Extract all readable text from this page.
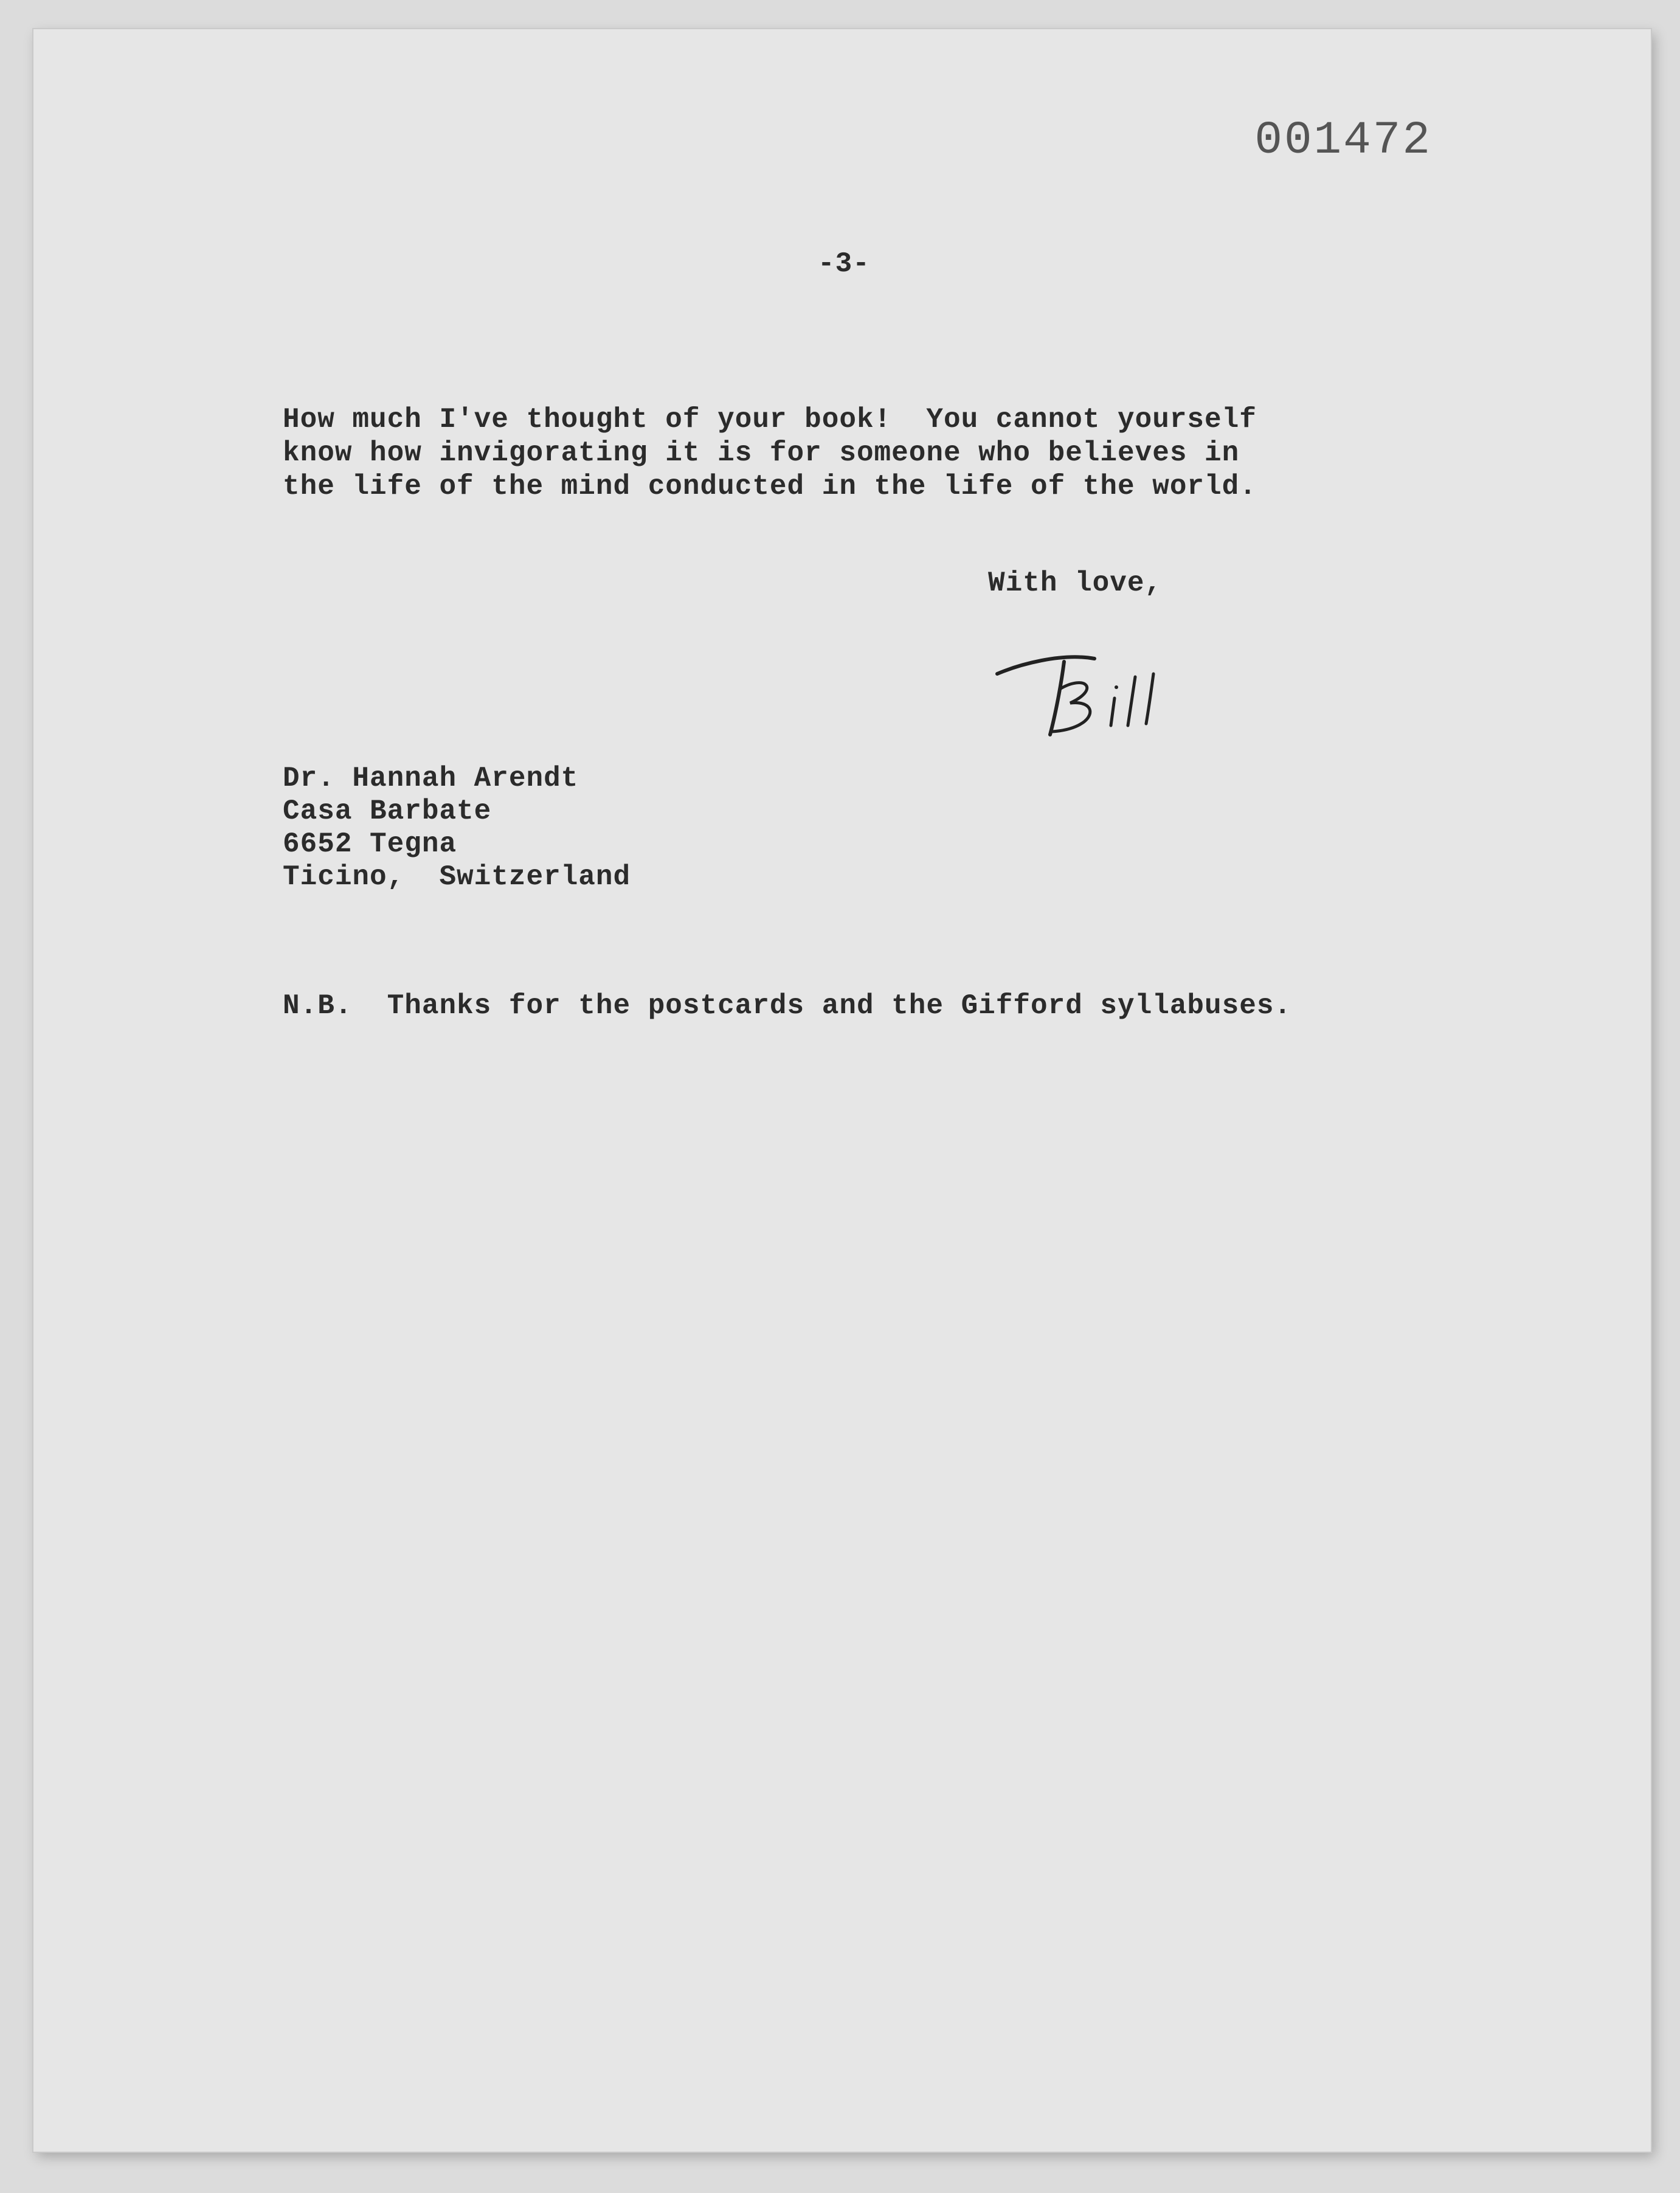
001472
-3-
How much I've thought of your book!  You cannot yourself
know how invigorating it is for someone who believes in
the life of the mind conducted in the life of the world.
With love,
Dr. Hannah Arendt
Casa Barbate
6652 Tegna
Ticino,  Switzerland
N.B.  Thanks for the postcards and the Gifford syllabuses.
